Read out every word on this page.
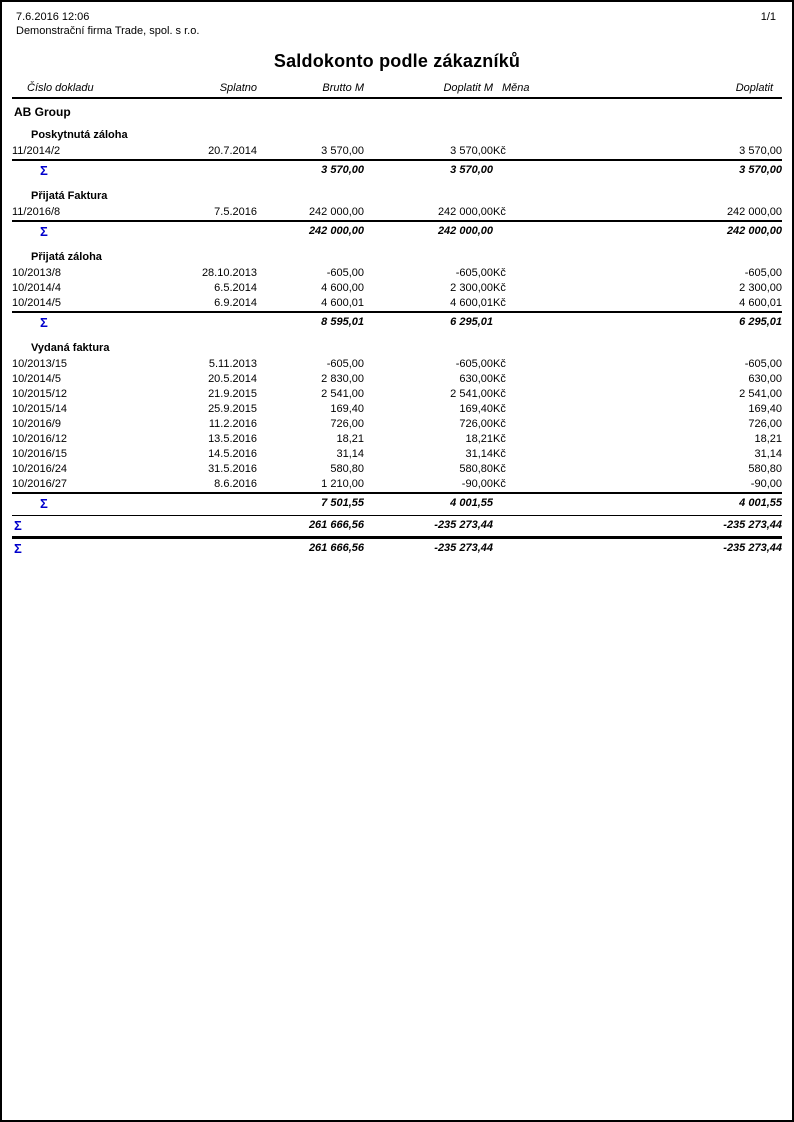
7.6.2016 12:06
Demonstrační firma Trade, spol. s r.o.
1/1
Saldokonto podle zákazníků
Číslo dokladu	Splatno	Brutto M	Doplatit M	Měna	Doplatit
AB Group					
Poskytnutá záloha					
11/2014/2	20.7.2014	3 570,00	3 570,00	Kč	3 570,00
Σ		3 570,00	3 570,00		3 570,00
Přijatá Faktura					
11/2016/8	7.5.2016	242 000,00	242 000,00	Kč	242 000,00
Σ		242 000,00	242 000,00		242 000,00
Přijatá záloha					
10/2013/8	28.10.2013	-605,00	-605,00	Kč	-605,00
10/2014/4	6.5.2014	4 600,00	2 300,00	Kč	2 300,00
10/2014/5	6.9.2014	4 600,01	4 600,01	Kč	4 600,01
Σ		8 595,01	6 295,01		6 295,01
Vydaná faktura					
10/2013/15	5.11.2013	-605,00	-605,00	Kč	-605,00
10/2014/5	20.5.2014	2 830,00	630,00	Kč	630,00
10/2015/12	21.9.2015	2 541,00	2 541,00	Kč	2 541,00
10/2015/14	25.9.2015	169,40	169,40	Kč	169,40
10/2016/9	11.2.2016	726,00	726,00	Kč	726,00
10/2016/12	13.5.2016	18,21	18,21	Kč	18,21
10/2016/15	14.5.2016	31,14	31,14	Kč	31,14
10/2016/24	31.5.2016	580,80	580,80	Kč	580,80
10/2016/27	8.6.2016	1 210,00	-90,00	Kč	-90,00
Σ		7 501,55	4 001,55		4 001,55
Σ		261 666,56	-235 273,44		-235 273,44
Σ		261 666,56	-235 273,44		-235 273,44
